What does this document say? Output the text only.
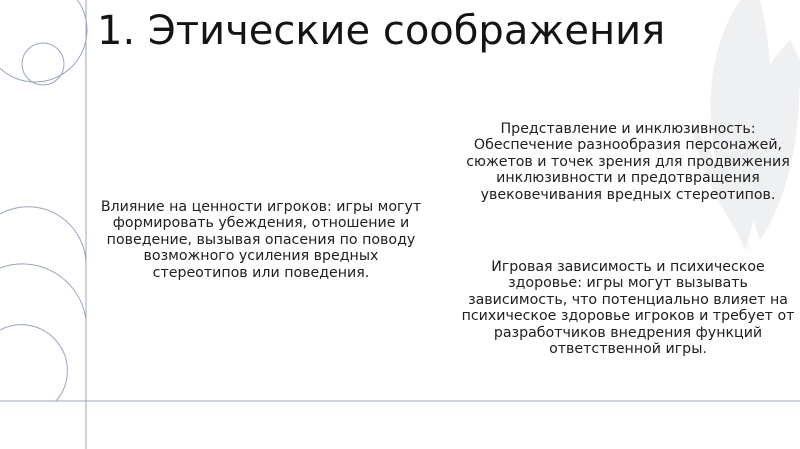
1. Этические соображения

Влияние на ценности игроков: игры могут формировать убеждения, отношение и поведение, вызывая опасения по поводу возможного усиления вредных стереотипов или поведения.

Представление и инклюзивность: Обеспечение разнообразия персонажей, сюжетов и точек зрения для продвижения инклюзивности и предотвращения увековечивания вредных стереотипов.

Игровая зависимость и психическое здоровье: игры могут вызывать зависимость, что потенциально влияет на психическое здоровье игроков и требует от разработчиков внедрения функций ответственной игры.
